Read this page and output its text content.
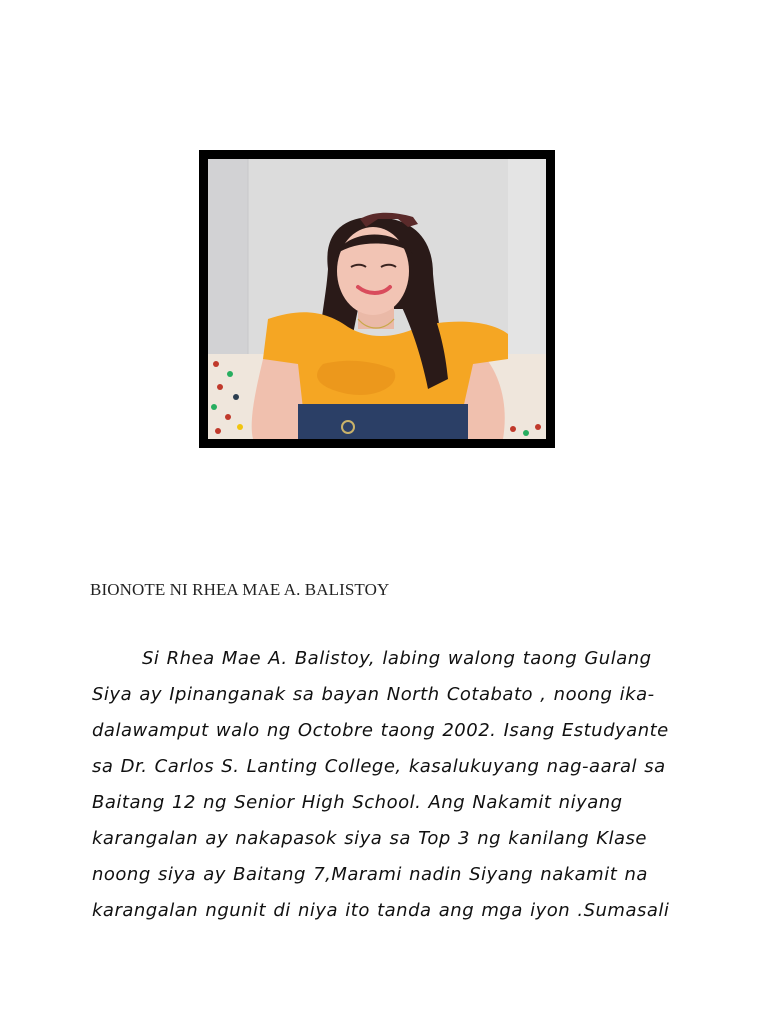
BIONOTE NI RHEA MAE A. BALISTOY

Si Rhea Mae A. Balistoy, labing walong taong Gulang

Siya ay Ipinanganak sa bayan North Cotabato , noong ika-

dalawamput walo ng Octobre taong 2002. Isang Estudyante

sa Dr. Carlos S. Lanting College, kasalukuyang nag-aaral sa

Baitang 12 ng Senior High School. Ang Nakamit niyang

karangalan ay nakapasok siya sa Top 3 ng kanilang Klase

noong siya ay Baitang 7,Marami nadin Siyang nakamit na

karangalan ngunit di niya ito tanda ang mga iyon .Sumasali
